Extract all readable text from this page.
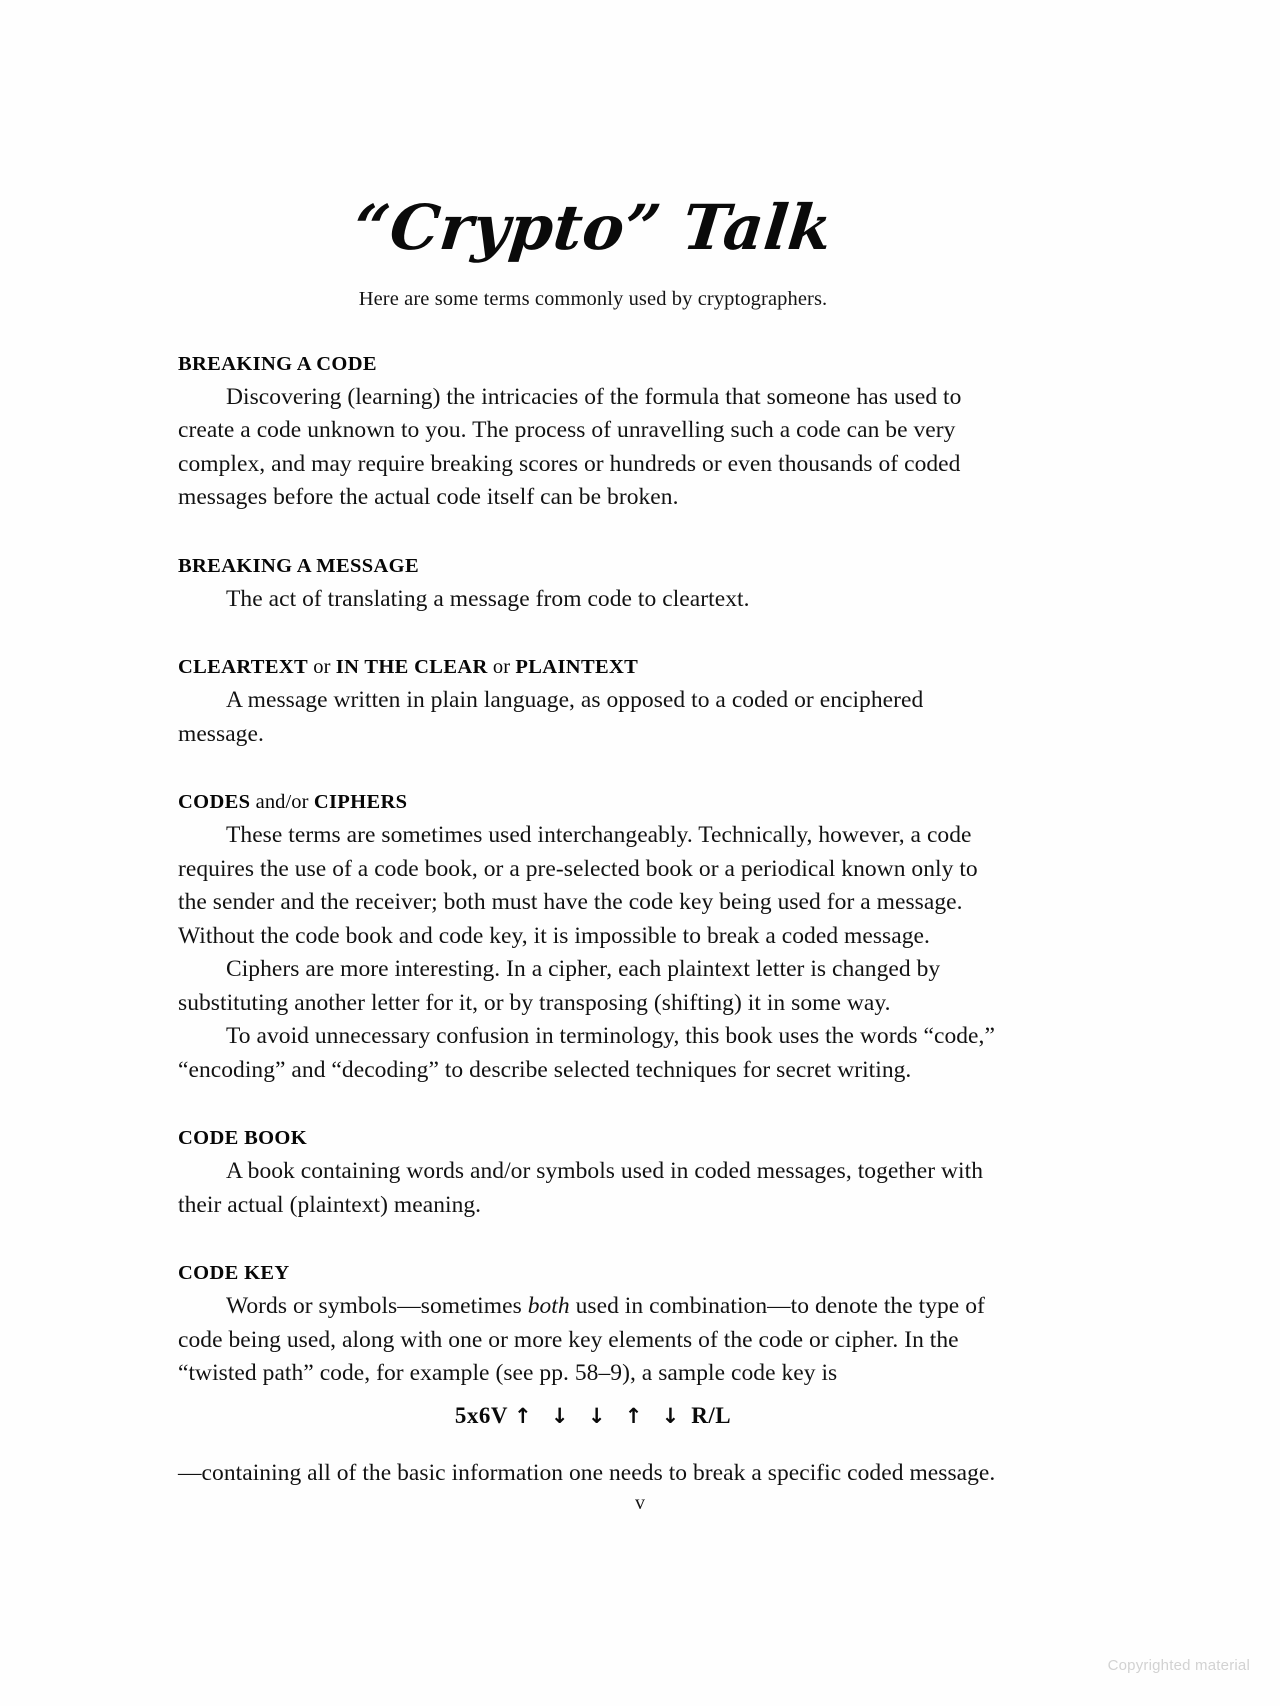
“Crypto” Talk

Here are some terms commonly used by cryptographers.

BREAKING A CODE

Discovering (learning) the intricacies of the formula that someone has used to create a code unknown to you. The process of unravelling such a code can be very complex, and may require breaking scores or hundreds or even thousands of coded messages before the actual code itself can be broken.

BREAKING A MESSAGE

The act of translating a message from code to cleartext.

CLEARTEXT or IN THE CLEAR or PLAINTEXT

A message written in plain language, as opposed to a coded or enciphered message.

CODES and/or CIPHERS

These terms are sometimes used interchangeably. Technically, however, a code requires the use of a code book, or a pre-selected book or a periodical known only to the sender and the receiver; both must have the code key being used for a message. Without the code book and code key, it is impossible to break a coded message.

Ciphers are more interesting. In a cipher, each plaintext letter is changed by substituting another letter for it, or by transposing (shifting) it in some way.

To avoid unnecessary confusion in terminology, this book uses the words “code,” “encoding” and “decoding” to describe selected techniques for secret writing.

CODE BOOK

A book containing words and/or symbols used in coded messages, together with their actual (plaintext) meaning.

CODE KEY

Words or symbols—sometimes both used in combination—to denote the type of code being used, along with one or more key elements of the code or cipher. In the “twisted path” code, for example (see pp. 58–9), a sample code key is

5x6V ↑ ↓ ↓ ↑ ↓ R/L

—containing all of the basic information one needs to break a specific coded message.

v
Copyrighted material
